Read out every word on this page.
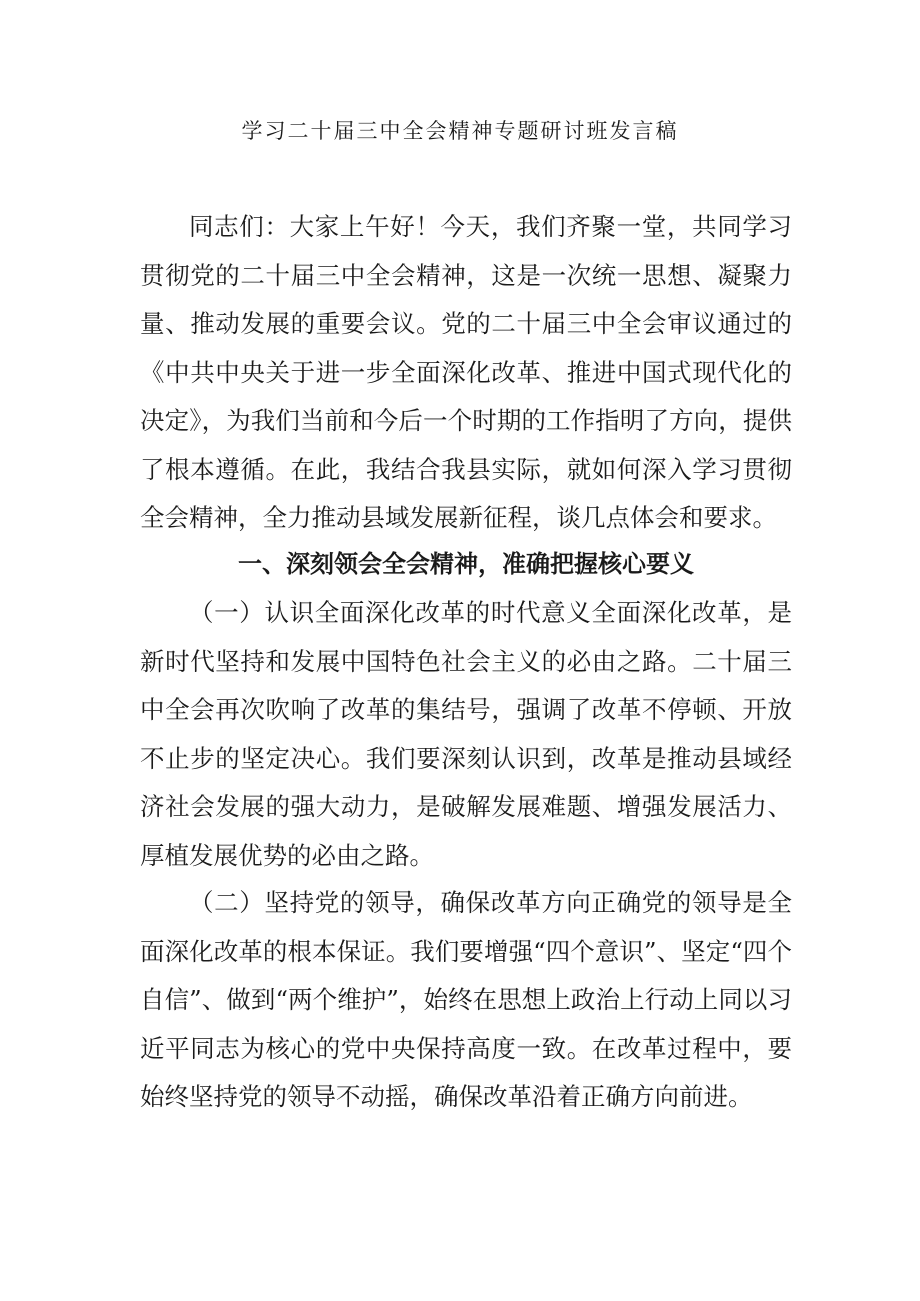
学习二十届三中全会精神专题研讨班发言稿

同志们：大家上午好！今天，我们齐聚一堂，共同学习贯彻党的二十届三中全会精神，这是一次统一思想、凝聚力量、推动发展的重要会议。党的二十届三中全会审议通过的《中共中央关于进一步全面深化改革、推进中国式现代化的决定》，为我们当前和今后一个时期的工作指明了方向，提供了根本遵循。在此，我结合我县实际，就如何深入学习贯彻全会精神，全力推动县域发展新征程，谈几点体会和要求。

一、深刻领会全会精神，准确把握核心要义

（一）认识全面深化改革的时代意义全面深化改革，是新时代坚持和发展中国特色社会主义的必由之路。二十届三中全会再次吹响了改革的集结号，强调了改革不停顿、开放不止步的坚定决心。我们要深刻认识到，改革是推动县域经济社会发展的强大动力，是破解发展难题、增强发展活力、厚植发展优势的必由之路。

（二）坚持党的领导，确保改革方向正确党的领导是全面深化改革的根本保证。我们要增强“四个意识”、坚定“四个自信”、做到“两个维护”，始终在思想上政治上行动上同以习近平同志为核心的党中央保持高度一致。在改革过程中，要始终坚持党的领导不动摇，确保改革沿着正确方向前进。
